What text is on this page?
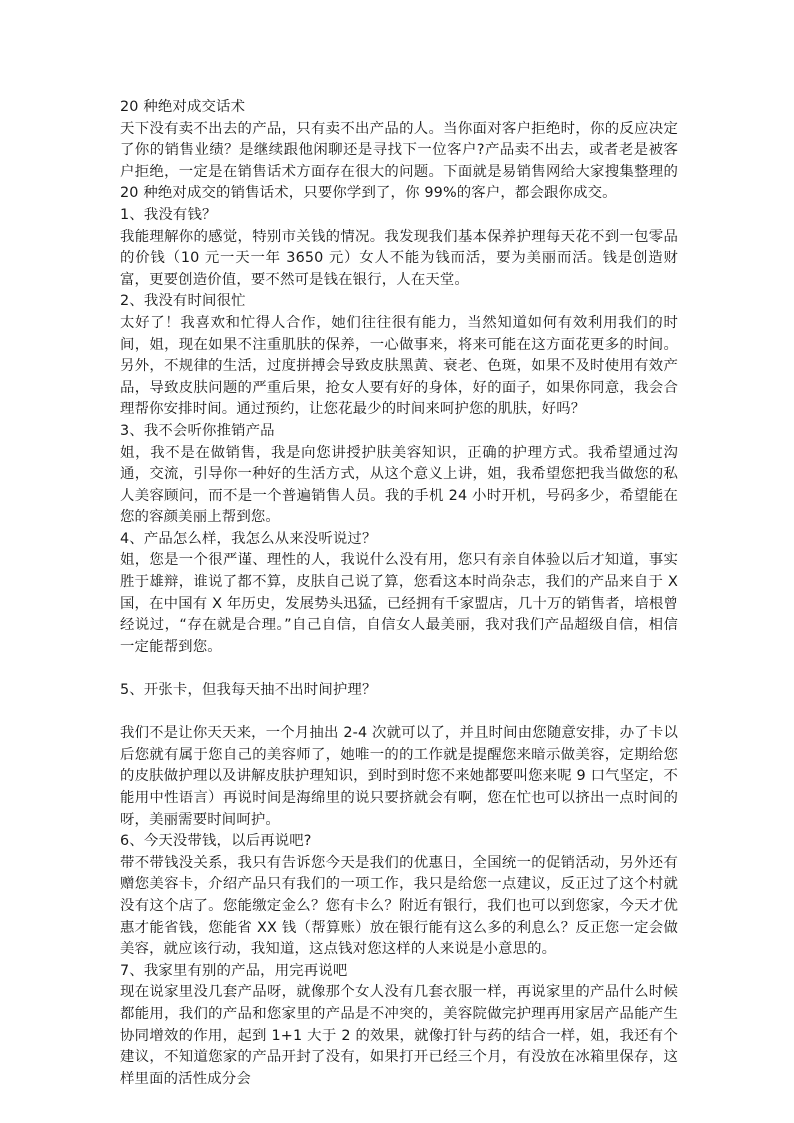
20 种绝对成交话术

天下没有卖不出去的产品，只有卖不出产品的人。当你面对客户拒绝时，你的反应决定了你的销售业绩？是继续跟他闲聊还是寻找下一位客户?产品卖不出去，或者老是被客户拒绝，一定是在销售话术方面存在很大的问题。下面就是易销售网给大家搜集整理的 20 种绝对成交的销售话术，只要你学到了，你 99%的客户，都会跟你成交。

1、我没有钱？

我能理解你的感觉，特别市关钱的情况。我发现我们基本保养护理每天花不到一包零品的价钱（10 元一天一年 3650 元）女人不能为钱而活，要为美丽而活。钱是创造财富，更要创造价值，要不然可是钱在银行，人在天堂。

2、我没有时间很忙

太好了！我喜欢和忙得人合作，她们往往很有能力，当然知道如何有效利用我们的时间，姐，现在如果不注重肌肤的保养，一心做事来，将来可能在这方面花更多的时间。另外，不规律的生活，过度拼搏会导致皮肤黑黄、衰老、色斑，如果不及时使用有效产品，导致皮肤问题的严重后果，抢女人要有好的身体，好的面子，如果你同意，我会合理帮你安排时间。通过预约，让您花最少的时间来呵护您的肌肤，好吗？

3、我不会听你推销产品

姐，我不是在做销售，我是向您讲授护肤美容知识，正确的护理方式。我希望通过沟通，交流，引导你一种好的生活方式，从这个意义上讲，姐，我希望您把我当做您的私人美容顾问，而不是一个普遍销售人员。我的手机 24 小时开机，号码多少，希望能在您的容颜美丽上帮到您。

4、产品怎么样，我怎么从来没听说过？

姐，您是一个很严谨、理性的人，我说什么没有用，您只有亲自体验以后才知道，事实胜于雄辩，谁说了都不算，皮肤自己说了算，您看这本时尚杂志，我们的产品来自于 X 国，在中国有 X 年历史，发展势头迅猛，已经拥有千家盟店，几十万的销售者，培根曾经说过，“存在就是合理。”自己自信，自信女人最美丽，我对我们产品超级自信，相信一定能帮到您。

5、开张卡，但我每天抽不出时间护理？

我们不是让你天天来，一个月抽出 2-4 次就可以了，并且时间由您随意安排，办了卡以后您就有属于您自己的美容师了，她唯一的的工作就是提醒您来暗示做美容，定期给您的皮肤做护理以及讲解皮肤护理知识，到时到时您不来她都要叫您来呢 9 口气坚定，不能用中性语言）再说时间是海绵里的说只要挤就会有啊，您在忙也可以挤出一点时间的呀，美丽需要时间呵护。

6、今天没带钱，以后再说吧?

带不带钱没关系，我只有告诉您今天是我们的优惠日，全国统一的促销活动，另外还有赠您美容卡，介绍产品只有我们的一项工作，我只是给您一点建议，反正过了这个村就没有这个店了。您能缴定金么？您有卡么？附近有银行，我们也可以到您家，今天才优惠才能省钱，您能省 XX 钱（帮算账）放在银行能有这么多的利息么？反正您一定会做美容，就应该行动，我知道，这点钱对您这样的人来说是小意思的。

7、我家里有别的产品，用完再说吧

现在说家里没几套产品呀，就像那个女人没有几套衣服一样，再说家里的产品什么时候都能用，我们的产品和您家里的产品是不冲突的，美容院做完护理再用家居产品能产生协同增效的作用，起到 1+1 大于 2 的效果，就像打针与药的结合一样，姐，我还有个建议，不知道您家的产品开封了没有，如果打开已经三个月，有没放在冰箱里保存，这样里面的活性成分会
